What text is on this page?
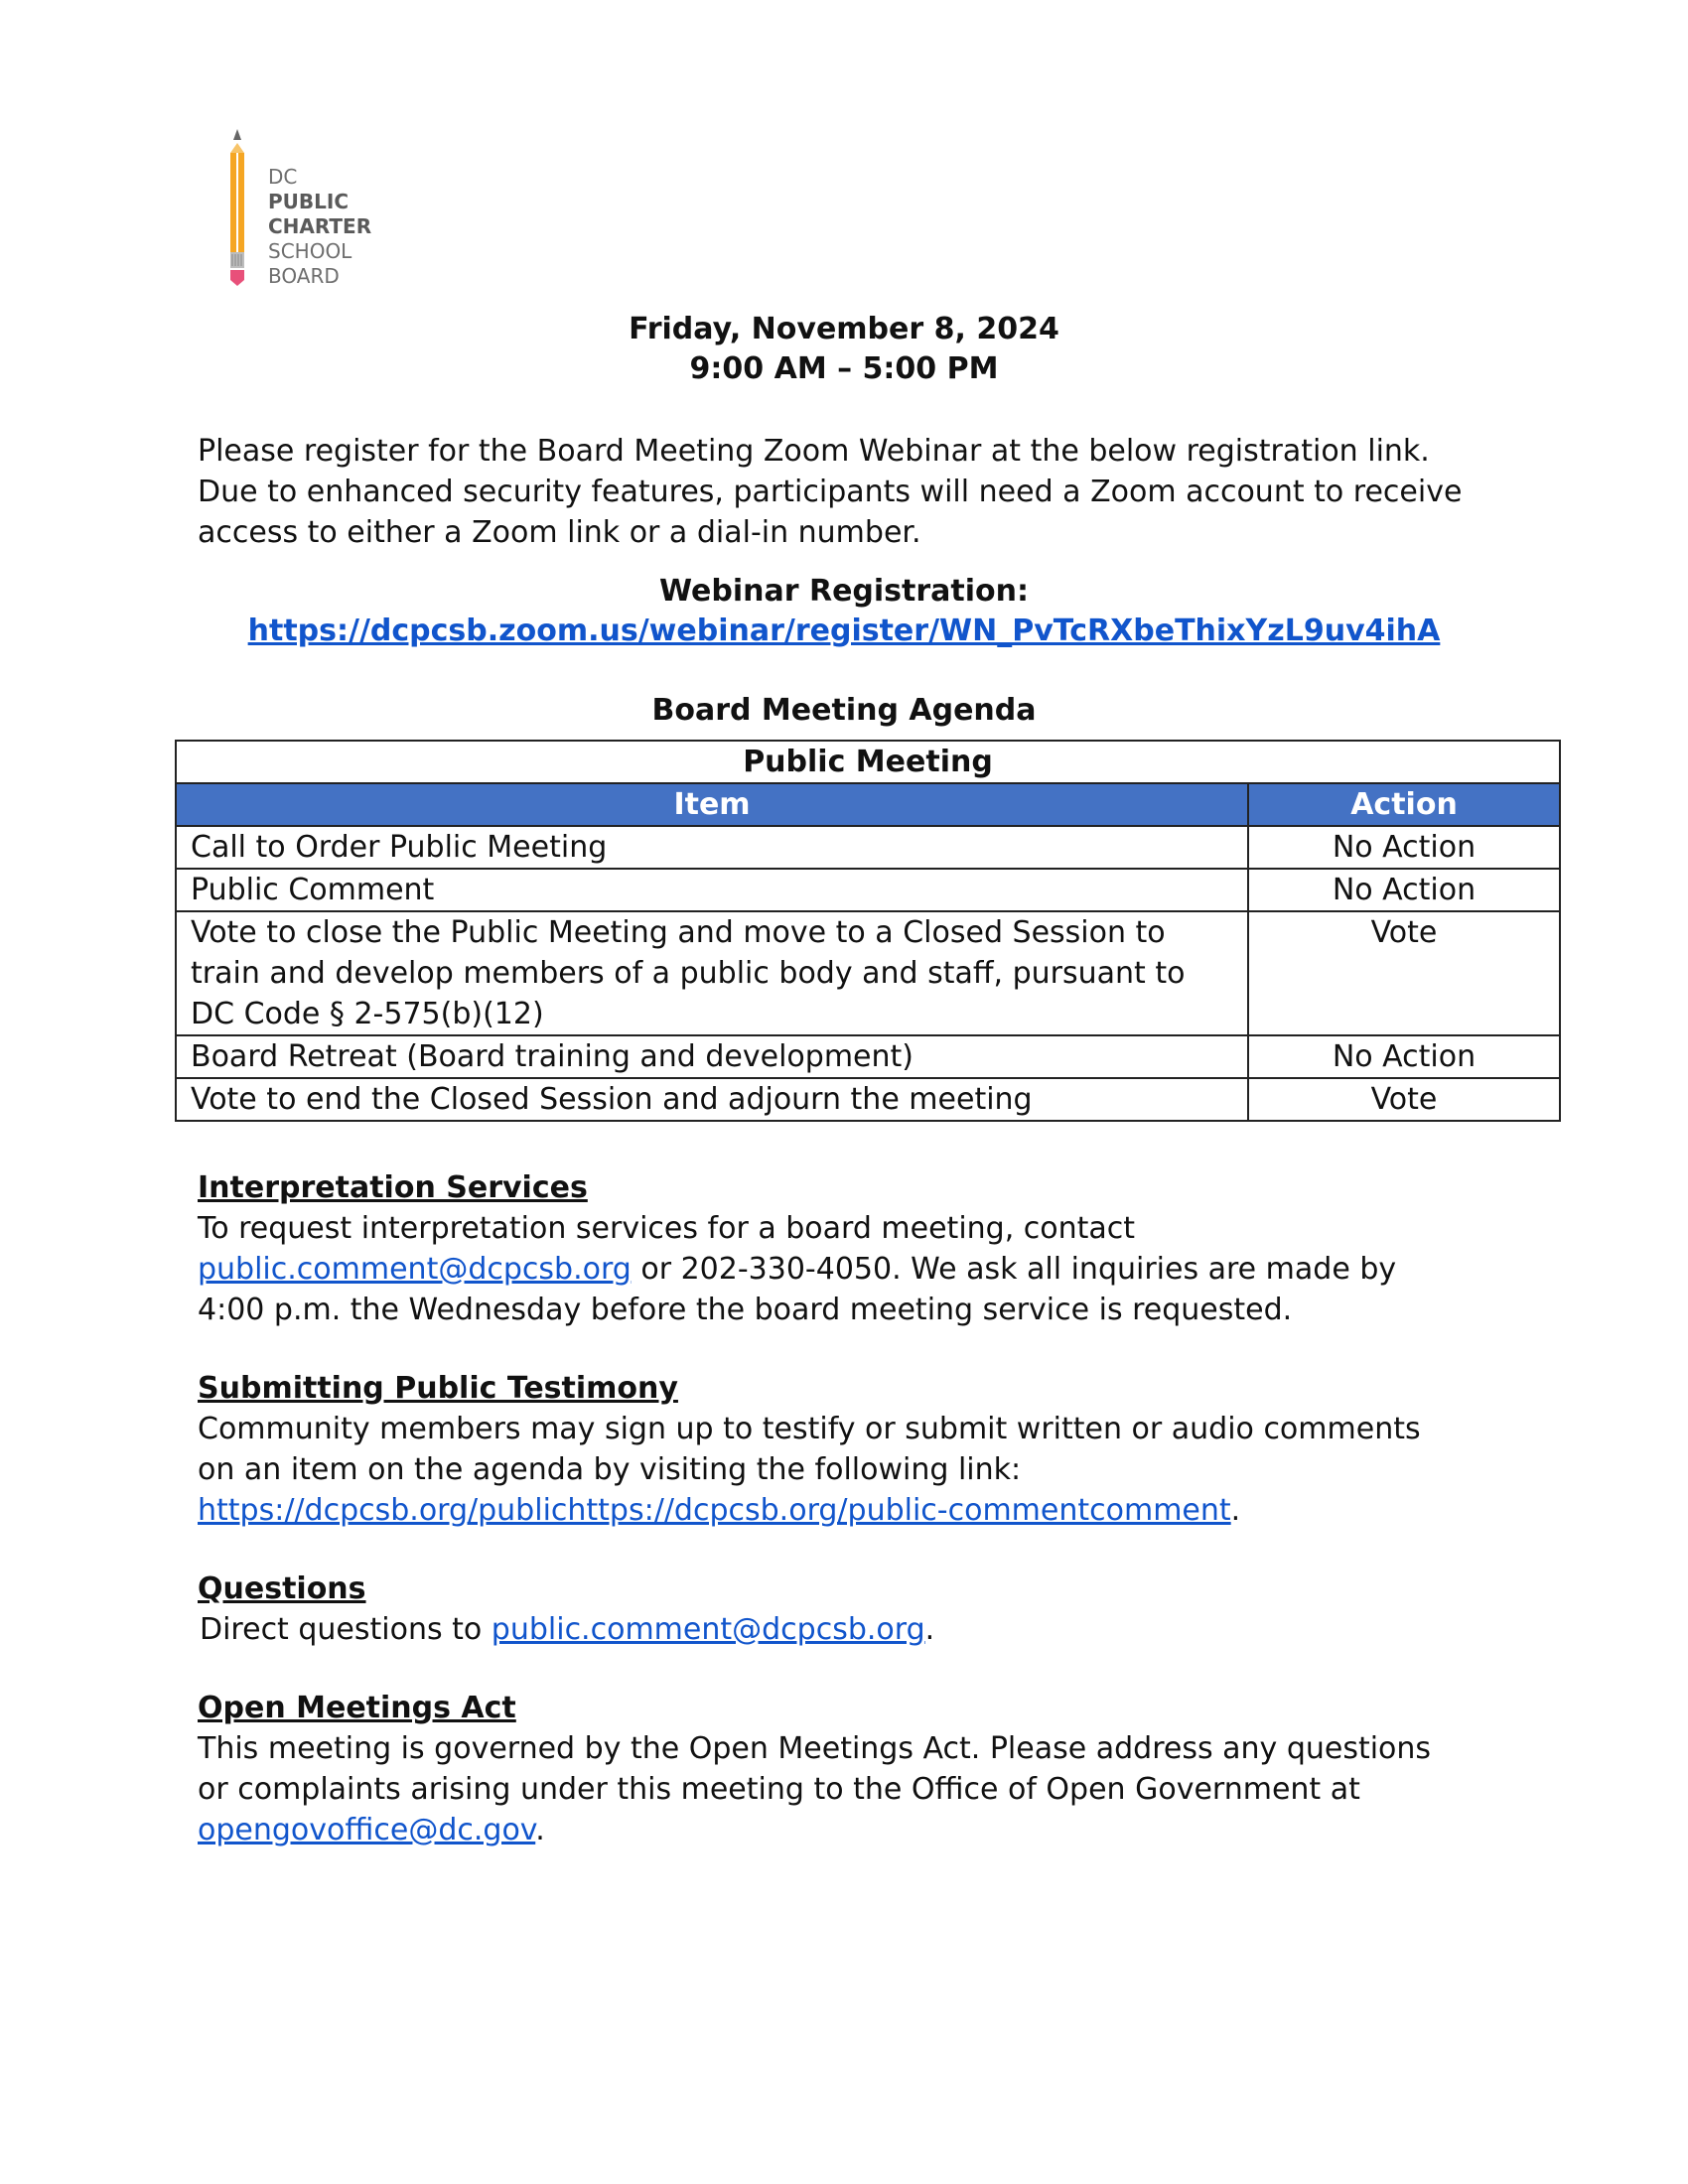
DC
PUBLIC
CHARTER
SCHOOL
BOARD
Friday, November 8, 2024
9:00 AM – 5:00 PM
Please register for the Board Meeting Zoom Webinar at the below registration link.
Due to enhanced security features, participants will need a Zoom account to receive
access to either a Zoom link or a dial-in number.
Webinar Registration:
https://dcpcsb.zoom.us/webinar/register/WN_PvTcRXbeThixYzL9uv4ihA
Board Meeting Agenda
Public Meeting	
Item	Action
Call to Order Public Meeting	No Action
Public Comment	No Action
Vote to close the Public Meeting and move to a Closed Session to train and develop members of a public body and staff, pursuant to DC Code § 2-575(b)(12)	Vote
Board Retreat (Board training and development)	No Action
Vote to end the Closed Session and adjourn the meeting	Vote
Interpretation Services
To request interpretation services for a board meeting, contact
public.comment@dcpcsb.org or 202-330-4050. We ask all inquiries are made by
4:00 p.m. the Wednesday before the board meeting service is requested.
Submitting Public Testimony
Community members may sign up to testify or submit written or audio comments
on an item on the agenda by visiting the following link:
https://dcpcsb.org/publichttps://dcpcsb.org/public-commentcomment.
Questions
Direct questions to public.comment@dcpcsb.org.
Open Meetings Act
This meeting is governed by the Open Meetings Act. Please address any questions
or complaints arising under this meeting to the Office of Open Government at
opengovoffice@dc.gov.
